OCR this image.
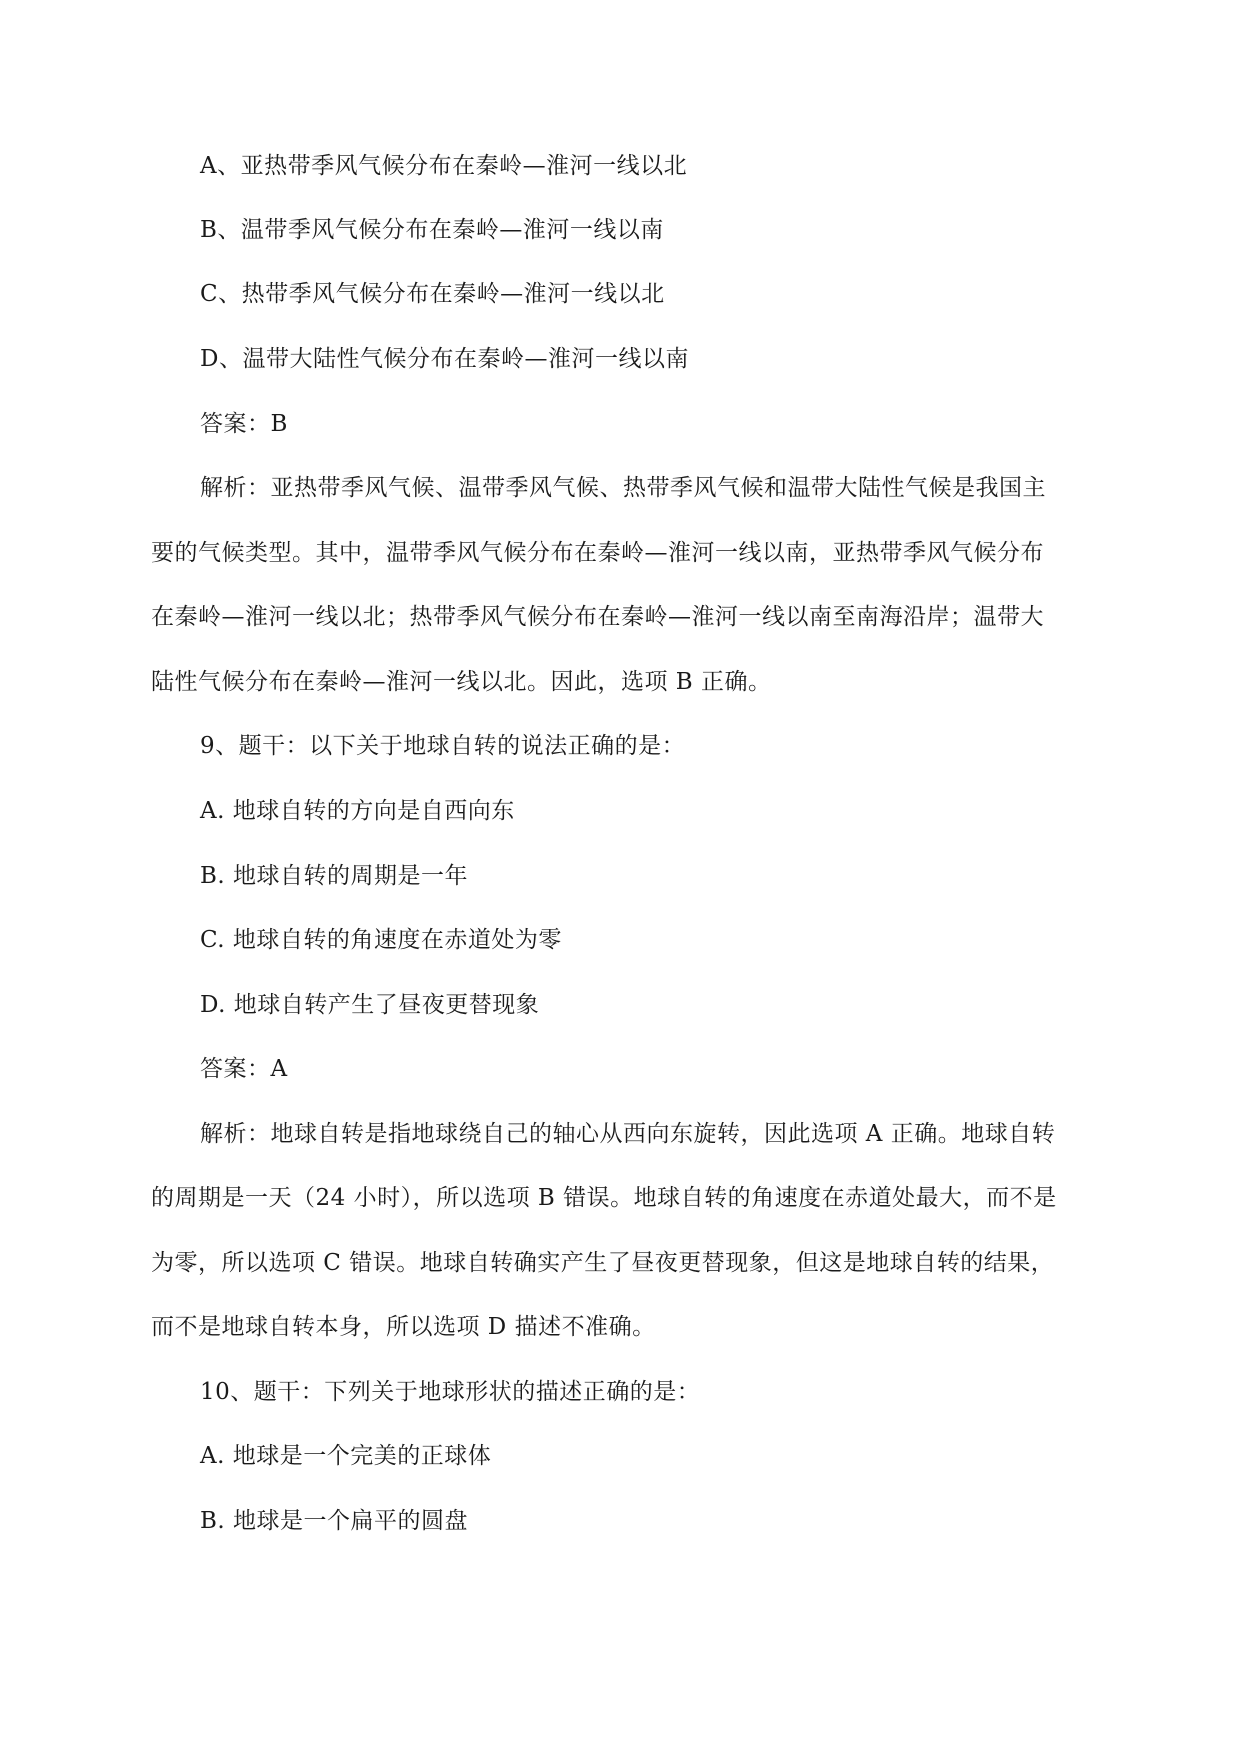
A、亚热带季风气候分布在秦岭—淮河一线以北
B、温带季风气候分布在秦岭—淮河一线以南
C、热带季风气候分布在秦岭—淮河一线以北
D、温带大陆性气候分布在秦岭—淮河一线以南
答案：B
解析：亚热带季风气候、温带季风气候、热带季风气候和温带大陆性气候是我国主
要的气候类型。其中，温带季风气候分布在秦岭—淮河一线以南，亚热带季风气候分布
在秦岭—淮河一线以北；热带季风气候分布在秦岭—淮河一线以南至南海沿岸；温带大
陆性气候分布在秦岭—淮河一线以北。因此，选项 B 正确。
9、题干：以下关于地球自转的说法正确的是：
A. 地球自转的方向是自西向东
B. 地球自转的周期是一年
C. 地球自转的角速度在赤道处为零
D. 地球自转产生了昼夜更替现象
答案：A
解析：地球自转是指地球绕自己的轴心从西向东旋转，因此选项 A 正确。地球自转
的周期是一天（24 小时），所以选项 B 错误。地球自转的角速度在赤道处最大，而不是
为零，所以选项 C 错误。地球自转确实产生了昼夜更替现象，但这是地球自转的结果，
而不是地球自转本身，所以选项 D 描述不准确。
10、题干：下列关于地球形状的描述正确的是：
A. 地球是一个完美的正球体
B. 地球是一个扁平的圆盘
